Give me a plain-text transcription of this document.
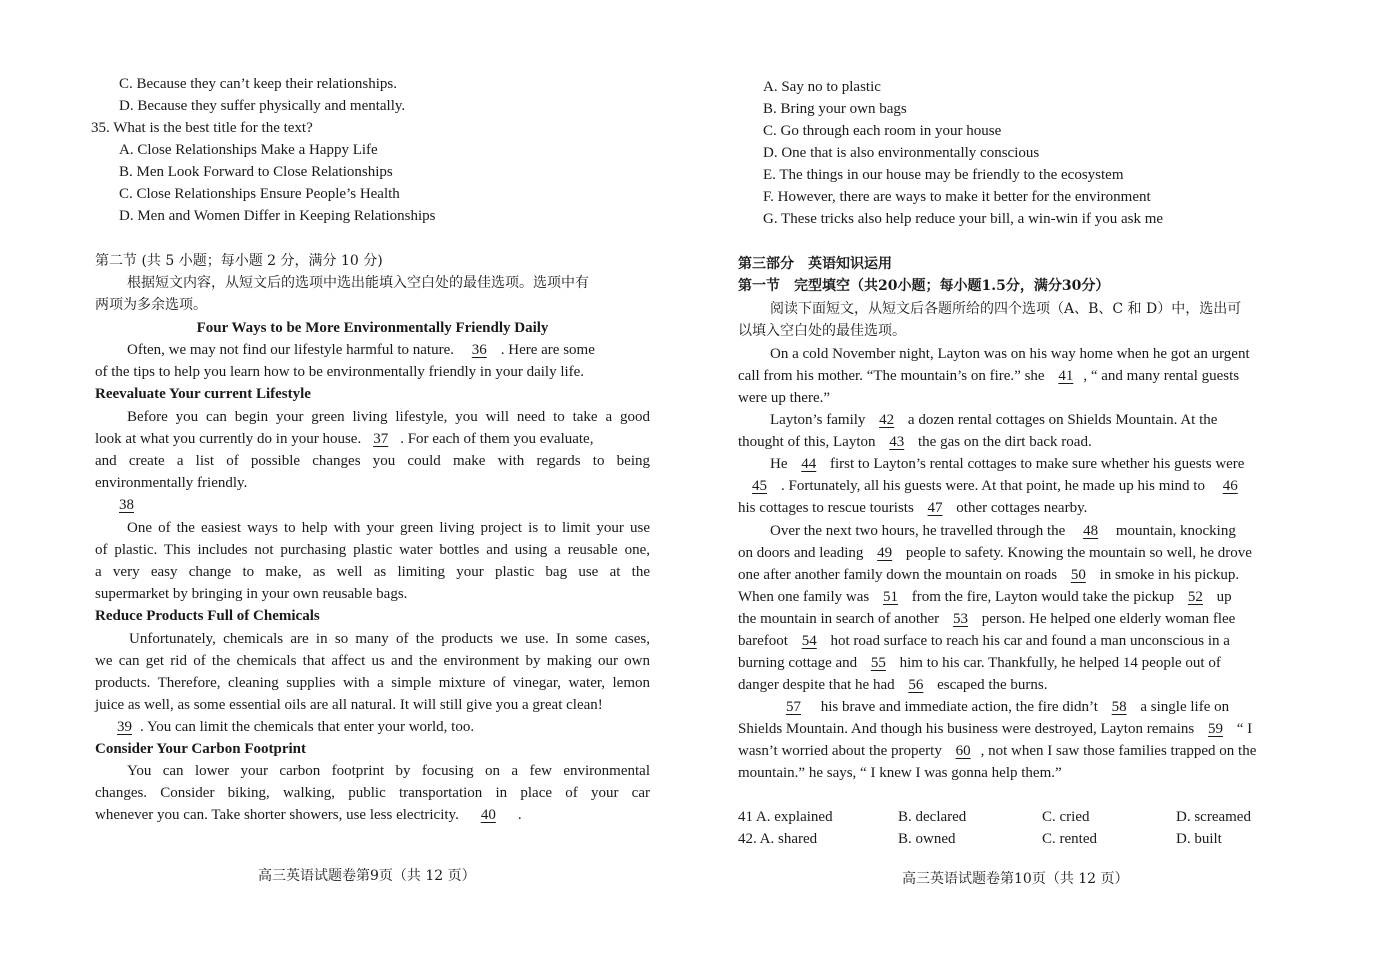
C. Because they can’t keep their relationships.
D. Because they suffer physically and mentally.
35. What is the best title for the text?
A. Close Relationships Make a Happy Life
B. Men Look Forward to Close Relationships
C. Close Relationships Ensure People’s Health
D. Men and Women Differ in Keeping Relationships
第二节 (共 5 小题；每小题 2 分，满分 10 分)
根据短文内容，从短文后的选项中选出能填入空白处的最佳选项。选项中有
两项为多余选项。
Four Ways to be More Environmentally Friendly Daily
Often, we may not find our lifestyle harmful to nature. 36 . Here are some
of the tips to help you learn how to be environmentally friendly in your daily life.
Reevaluate Your current Lifestyle
Before you can begin your green living lifestyle, you will need to take a good
look at what you currently do in your house. 37 . For each of them you evaluate,
and create a list of possible changes you could make with regards to being
environmentally friendly.
38
One of the easiest ways to help with your green living project is to limit your use
of plastic. This includes not purchasing plastic water bottles and using a reusable one,
a very easy change to make, as well as limiting your plastic bag use at the
supermarket by bringing in your own reusable bags.
Reduce Products Full of Chemicals
Unfortunately, chemicals are in so many of the products we use. In some cases,
we can get rid of the chemicals that affect us and the environment by making our own
products. Therefore, cleaning supplies with a simple mixture of vinegar, water, lemon
juice as well, as some essential oils are all natural. It will still give you a great clean!
39 . You can limit the chemicals that enter your world, too.
Consider Your Carbon Footprint
You can lower your carbon footprint by focusing on a few environmental
changes. Consider biking, walking, public transportation in place of your car
whenever you can. Take shorter showers, use less electricity. 40 .
高三英语试题卷第9页（共 12 页）
A. Say no to plastic
B. Bring your own bags
C. Go through each room in your house
D. One that is also environmentally conscious
E. The things in our house may be friendly to the ecosystem
F. However, there are ways to make it better for the environment
G. These tricks also help reduce your bill, a win-win if you ask me
第三部分　英语知识运用
第一节　完型填空（共20小题；每小题1.5分，满分30分）
阅读下面短文，从短文后各题所给的四个选项（A、B、C 和 D）中，选出可
以填入空白处的最佳选项。
On a cold November night, Layton was on his way home when he got an urgent
call from his mother. “The mountain’s on fire.” she 41 , “ and many rental guests
were up there.”
Layton’s family 42 a dozen rental cottages on Shields Mountain. At the
thought of this, Layton 43 the gas on the dirt back road.
He 44 first to Layton’s rental cottages to make sure whether his guests were
45 . Fortunately, all his guests were. At that point, he made up his mind to 46
his cottages to rescue tourists 47 other cottages nearby.
Over the next two hours, he travelled through the 48 mountain, knocking
on doors and leading 49 people to safety. Knowing the mountain so well, he drove
one after another family down the mountain on roads 50 in smoke in his pickup.
When one family was 51 from the fire, Layton would take the pickup 52 up
the mountain in search of another 53 person. He helped one elderly woman flee
barefoot 54 hot road surface to reach his car and found a man unconscious in a
burning cottage and 55 him to his car. Thankfully, he helped 14 people out of
danger despite that he had 56 escaped the burns.
57 his brave and immediate action, the fire didn’t 58 a single life on
Shields Mountain. And though his business were destroyed, Layton remains 59 “ I
wasn’t worried about the property 60 , not when I saw those families trapped on the
mountain.” he says, “ I knew I was gonna help them.”
41 A. explained	B. declared	C. cried	D. screamed
42. A. shared	B. owned	C. rented	D. built
高三英语试题卷第10页（共 12 页）
